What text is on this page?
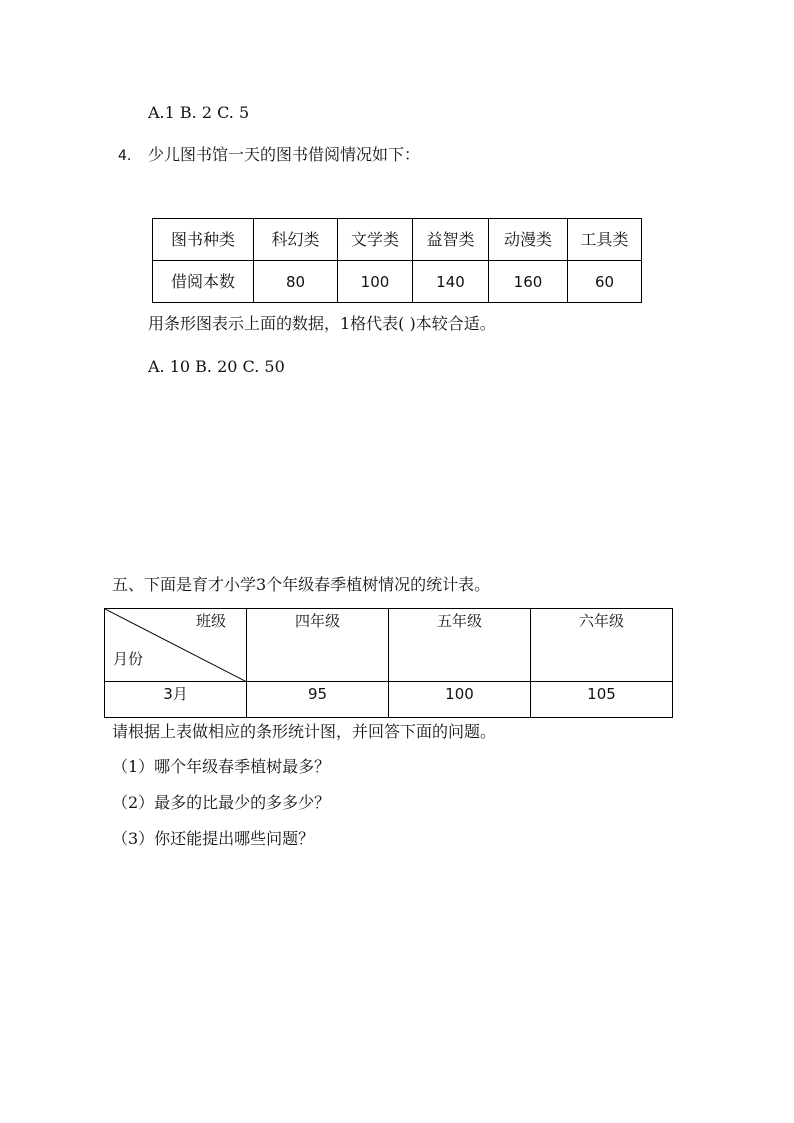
A.1 B. 2 C. 5
4. 少儿图书馆一天的图书借阅情况如下：
图书种类	科幻类	文学类	益智类	动漫类	工具类
借阅本数	80	100	140	160	60
用条形图表示上面的数据，1格代表( )本较合适。
A. 10 B. 20 C. 50
五、下面是育才小学3个年级春季植树情况的统计表。
班级
月份	四年级	五年级	六年级

3月	95	100	105
请根据上表做相应的条形统计图，并回答下面的问题。
（1）哪个年级春季植树最多？
（2）最多的比最少的多多少？
（3）你还能提出哪些问题？
